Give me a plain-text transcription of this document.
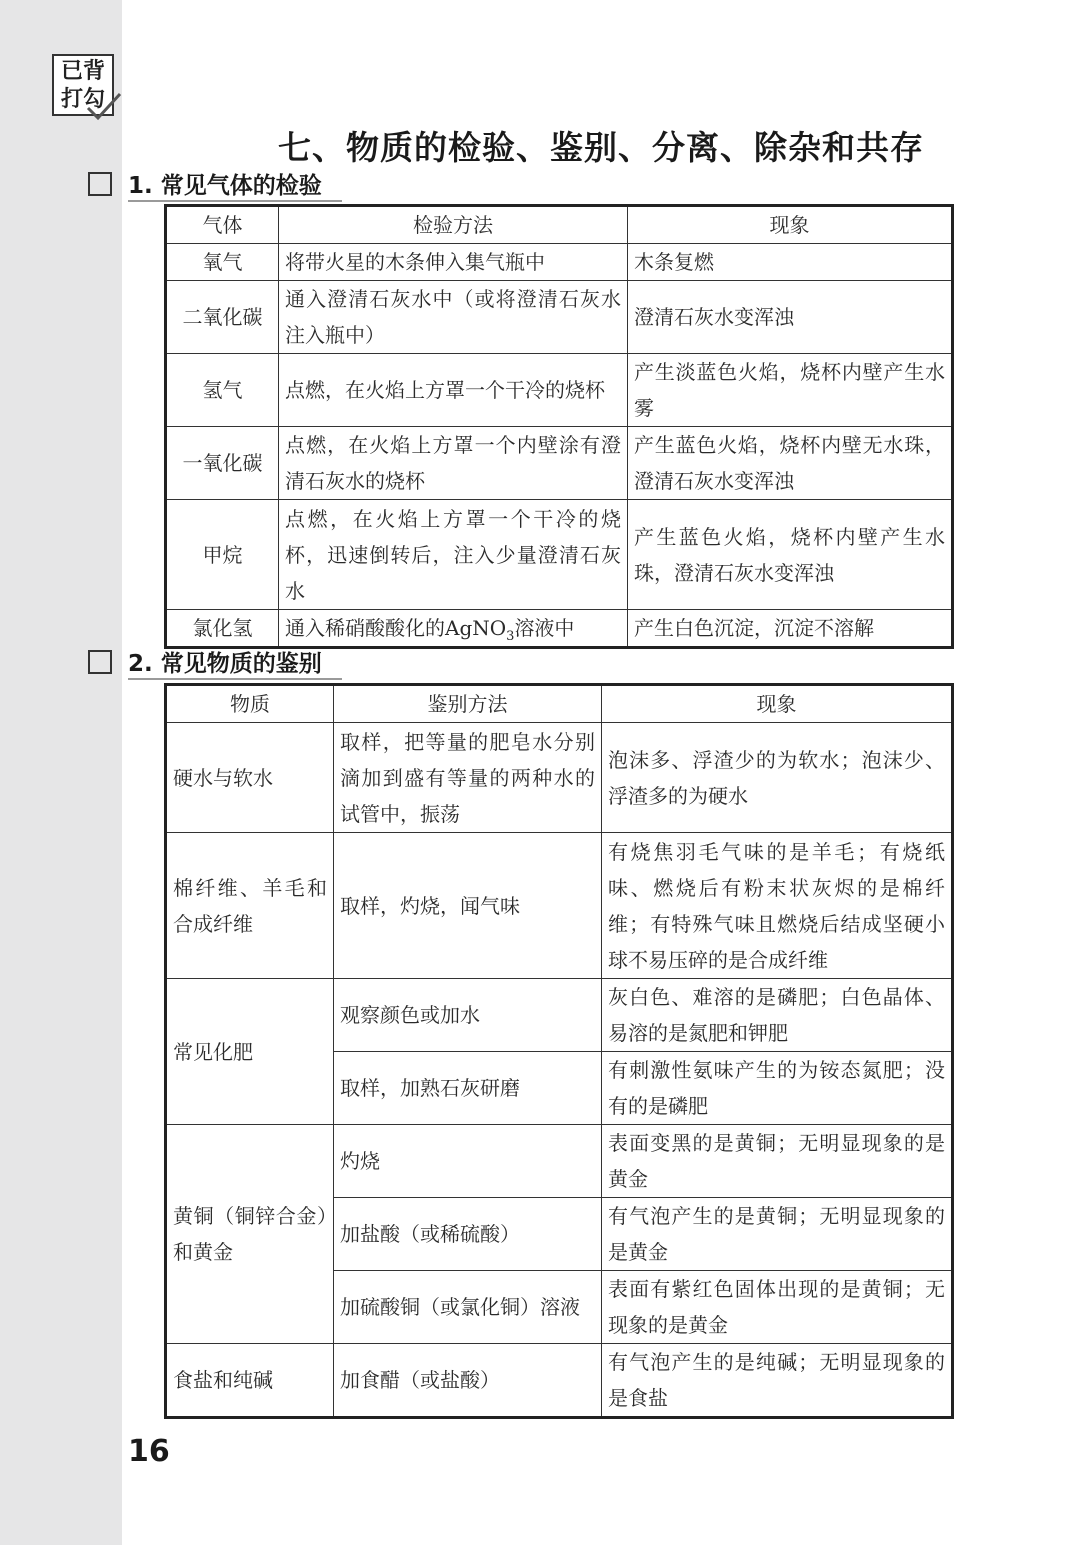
已背
打勾
七、物质的检验、鉴别、分离、除杂和共存
1. 常见气体的检验
气体	检验方法	现象
氧气	将带火星的木条伸入集气瓶中	木条复燃
二氧化碳	通入澄清石灰水中（或将澄清石灰水注入瓶中）	澄清石灰水变浑浊
氢气	点燃，在火焰上方罩一个干冷的烧杯	产生淡蓝色火焰，烧杯内壁产生水雾
一氧化碳	点燃，在火焰上方罩一个内壁涂有澄清石灰水的烧杯	产生蓝色火焰，烧杯内壁无水珠，澄清石灰水变浑浊
甲烷	点燃，在火焰上方罩一个干冷的烧杯，迅速倒转后，注入少量澄清石灰水	产生蓝色火焰，烧杯内壁产生水珠，澄清石灰水变浑浊
氯化氢	通入稀硝酸酸化的AgNO$_3$溶液中	产生白色沉淀，沉淀不溶解
2. 常见物质的鉴别
物质	鉴别方法	现象
硬水与软水	取样，把等量的肥皂水分别滴加到盛有等量的两种水的试管中，振荡	泡沫多、浮渣少的为软水；泡沫少、浮渣多的为硬水
棉纤维、羊毛和合成纤维	取样，灼烧，闻气味	有烧焦羽毛气味的是羊毛；有烧纸味、燃烧后有粉末状灰烬的是棉纤维；有特殊气味且燃烧后结成坚硬小球不易压碎的是合成纤维
常见化肥	观察颜色或加水	灰白色、难溶的是磷肥；白色晶体、易溶的是氮肥和钾肥
	取样，加熟石灰研磨	有刺激性氨味产生的为铵态氮肥；没有的是磷肥
黄铜（铜锌合金）和黄金	灼烧	表面变黑的是黄铜；无明显现象的是黄金
	加盐酸（或稀硫酸）	有气泡产生的是黄铜；无明显现象的是黄金
	加硫酸铜（或氯化铜）溶液	表面有紫红色固体出现的是黄铜；无现象的是黄金
食盐和纯碱	加食醋（或盐酸）	有气泡产生的是纯碱；无明显现象的是食盐
16
